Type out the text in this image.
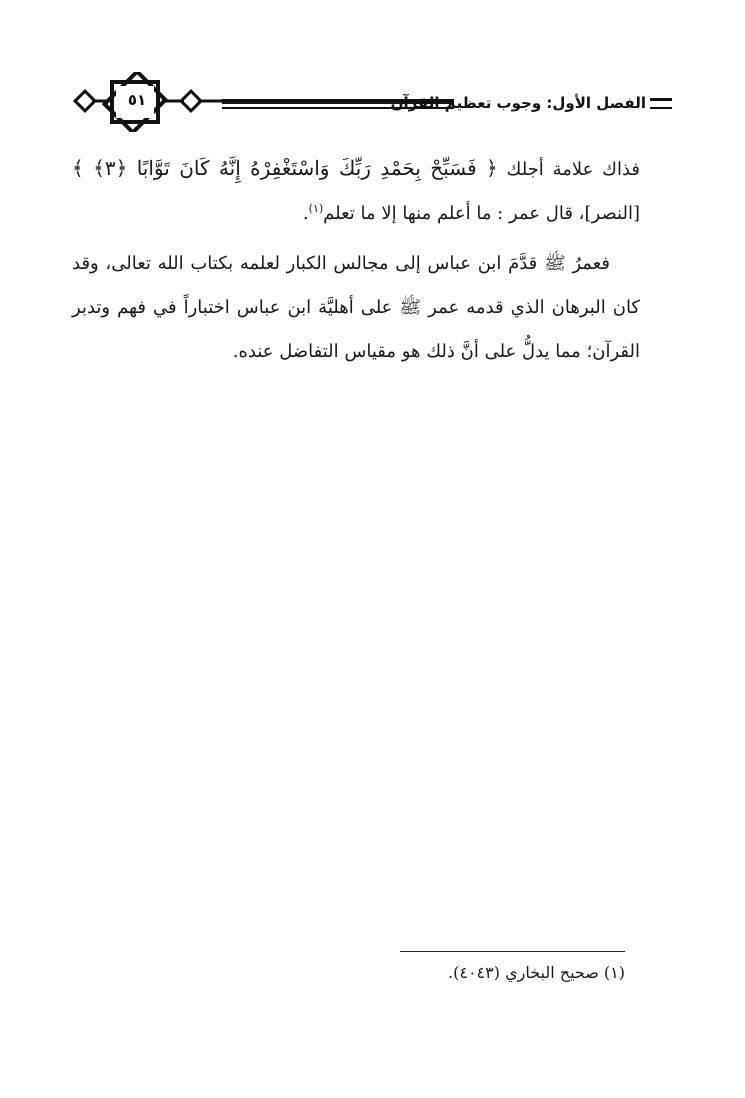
٥١	الفصل الأول: وجوب تعظيم القرآن

فذاك علامة أجلك ﴿ فَسَبِّحْ بِحَمْدِ رَبِّكَ وَاسْتَغْفِرْهُ إِنَّهُ كَانَ تَوَّابًا ﴿٣﴾ ﴾ [النصر]، قال عمر : ما أعلم منها إلا ما تعلم$^{(١)}$.

فعمرُ ﷺ قدَّمَ ابن عباس إلى مجالس الكبار لعلمه بكتاب الله تعالى، وقد كان البرهان الذي قدمه عمر ﷺ على أهليَّة ابن عباس اختباراً في فهم وتدبر القرآن؛ مما يدلُّ على أنَّ ذلك هو مقياس التفاضل عنده.

(١) صحيح البخاري (٤٠٤٣).
